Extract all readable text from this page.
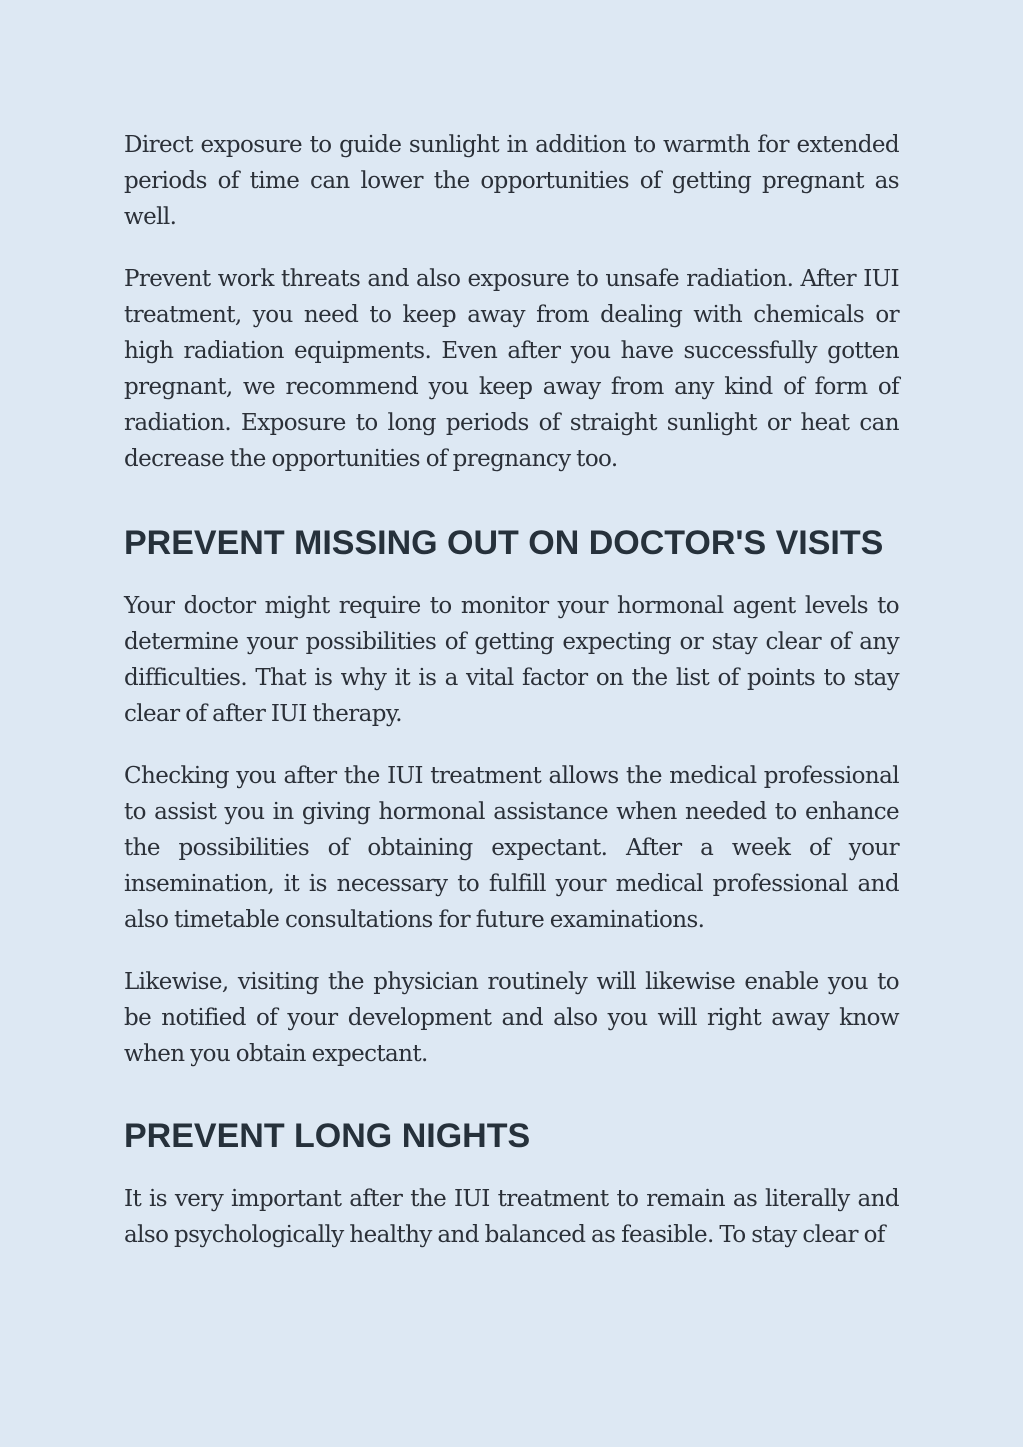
Direct exposure to guide sunlight in addition to warmth for extended periods of time can lower the opportunities of getting pregnant as well.

Prevent work threats and also exposure to unsafe radiation. After IUI treatment, you need to keep away from dealing with chemicals or high radiation equipments. Even after you have successfully gotten pregnant, we recommend you keep away from any kind of form of radiation. Exposure to long periods of straight sunlight or heat can decrease the opportunities of pregnancy too.

PREVENT MISSING OUT ON DOCTOR'S VISITS

Your doctor might require to monitor your hormonal agent levels to determine your possibilities of getting expecting or stay clear of any difficulties. That is why it is a vital factor on the list of points to stay clear of after IUI therapy.

Checking you after the IUI treatment allows the medical professional to assist you in giving hormonal assistance when needed to enhance the possibilities of obtaining expectant. After a week of your insemination, it is necessary to fulfill your medical professional and also timetable consultations for future examinations.

Likewise, visiting the physician routinely will likewise enable you to be notified of your development and also you will right away know when you obtain expectant.

PREVENT LONG NIGHTS

It is very important after the IUI treatment to remain as literally and also psychologically healthy and balanced as feasible. To stay clear of
